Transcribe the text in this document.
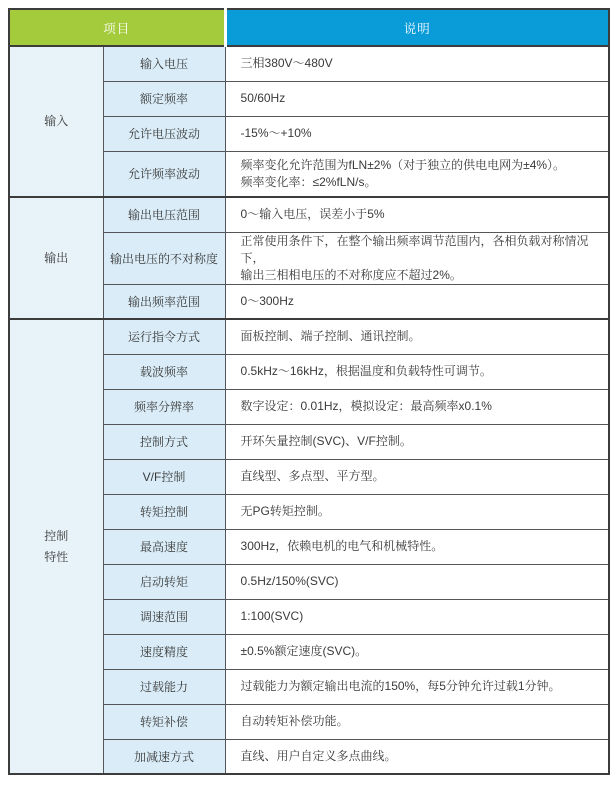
项目		说明

输入	输入电压	三相380V～480V

	额定频率	50/60Hz

	允许电压波动	-15%～+10%

	允许频率波动	频率变化允许范围为fLN±2%（对于独立的供电电网为±4%）。
频率变化率：≤2%fLN/s。

输出	输出电压范围	0～输入电压，误差小于5%

	输出电压的不对称度	正常使用条件下，在整个输出频率调节范围内，各相负载对称情况下，
输出三相相电压的不对称度应不超过2%。

	输出频率范围	0～300Hz

控制
特性	运行指令方式	面板控制、端子控制、通讯控制。

	载波频率	0.5kHz～16kHz，根据温度和负载特性可调节。

	频率分辨率	数字设定：0.01Hz，模拟设定：最高频率x0.1%

	控制方式	开环矢量控制(SVC)、V/F控制。

	V/F控制	直线型、多点型、平方型。

	转矩控制	无PG转矩控制。

	最高速度	300Hz，依赖电机的电气和机械特性。

	启动转矩	0.5Hz/150%(SVC)

	调速范围	1:100(SVC)

	速度精度	±0.5%额定速度(SVC)。

	过载能力	过载能力为额定输出电流的150%，每5分钟允许过载1分钟。

	转矩补偿	自动转矩补偿功能。

	加减速方式	直线、用户自定义多点曲线。
